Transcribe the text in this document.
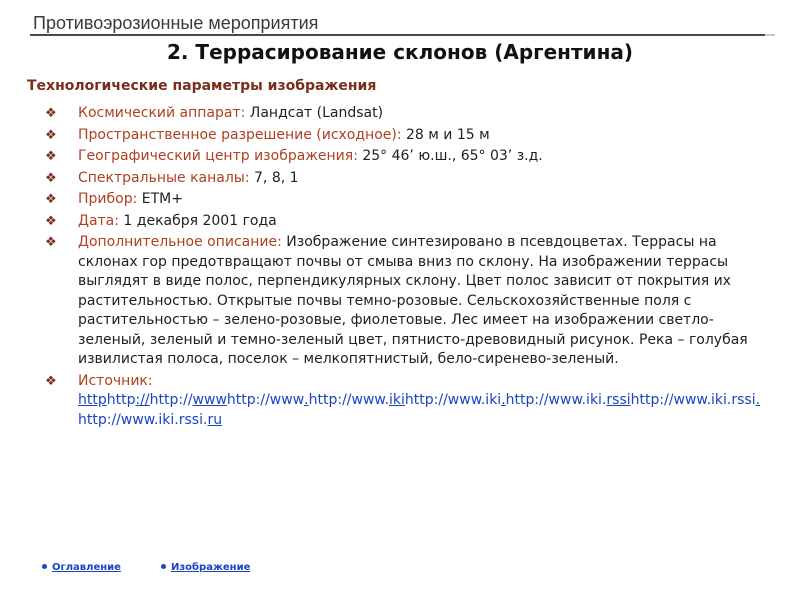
Противоэрозионные мероприятия
2. Террасирование склонов (Аргентина)
Технологические параметры изображения
❖ Космический аппарат: Ландсат (Landsat)
❖ Пространственное разрешение (исходное): 28 м и 15 м
❖ Географический центр изображения: 25° 46’ ю.ш., 65° 03’ з.д.
❖ Спектральные каналы: 7, 8, 1
❖ Прибор: ETM+
❖ Дата: 1 декабря 2001 года
❖ Дополнительное описание: Изображение синтезировано в псевдоцветах. Террасы на склонах гор предотвращают почвы от смыва вниз по склону. На изображении террасы выглядят в виде полос, перпендикулярных склону. Цвет полос зависит от покрытия их растительностью. Открытые почвы темно-розовые. Сельскохозяйственные поля с растительностью – зелено-розовые, фиолетовые. Лес имеет на изображении светло-зеленый, зеленый и темно-зеленый цвет, пятнисто-древовидный рисунок. Река – голубая извилистая полоса, поселок – мелкопятнистый, бело-сиренево-зеленый.
❖ Источник:
httphttp://http://wwwhttp://www.http://www.ikihttp://www.iki.http://www.iki.rssihttp://www.iki.rssi.http://www.iki.rssi.ru
Оглавление	Изображение
